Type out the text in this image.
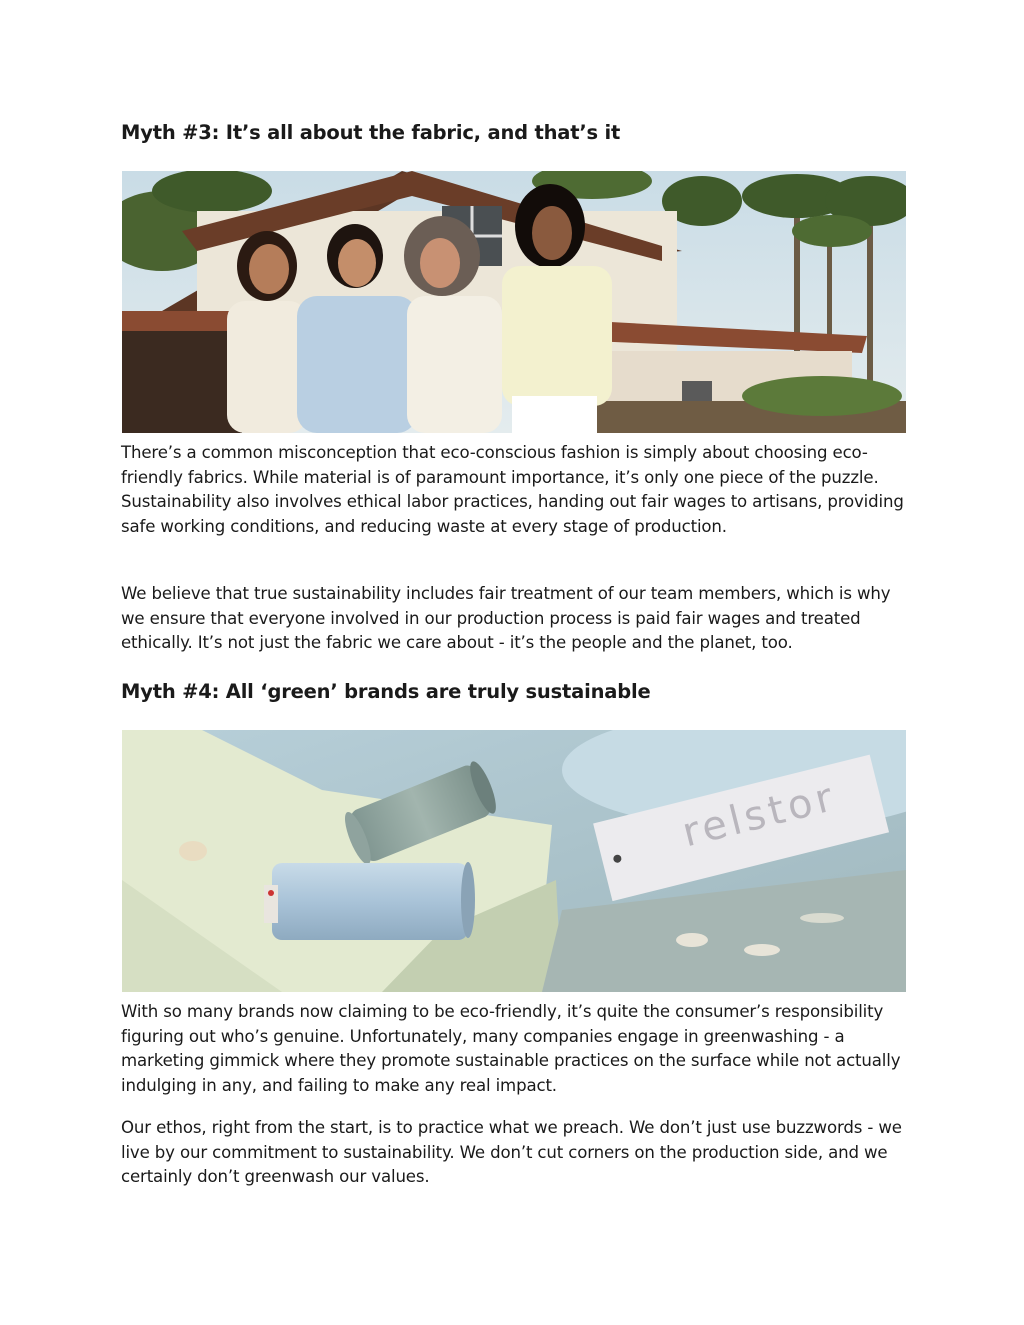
Myth #3: It’s all about the fabric, and that’s it

There’s a common misconception that eco-conscious fashion is simply about choosing eco-friendly fabrics. While material is of paramount importance, it’s only one piece of the puzzle. Sustainability also involves ethical labor practices, handing out fair wages to artisans, providing safe working conditions, and reducing waste at every stage of production.

We believe that true sustainability includes fair treatment of our team members, which is why we ensure that everyone involved in our production process is paid fair wages and treated ethically. It’s not just the fabric we care about - it’s the people and the planet, too.

Myth #4: All ‘green’ brands are truly sustainable
relstor

With so many brands now claiming to be eco-friendly, it’s quite the consumer’s responsibility figuring out who’s genuine. Unfortunately, many companies engage in greenwashing - a marketing gimmick where they promote sustainable practices on the surface while not actually indulging in any, and failing to make any real impact.

Our ethos, right from the start, is to practice what we preach. We don’t just use buzzwords - we live by our commitment to sustainability. We don’t cut corners on the production side, and we certainly don’t greenwash our values.
